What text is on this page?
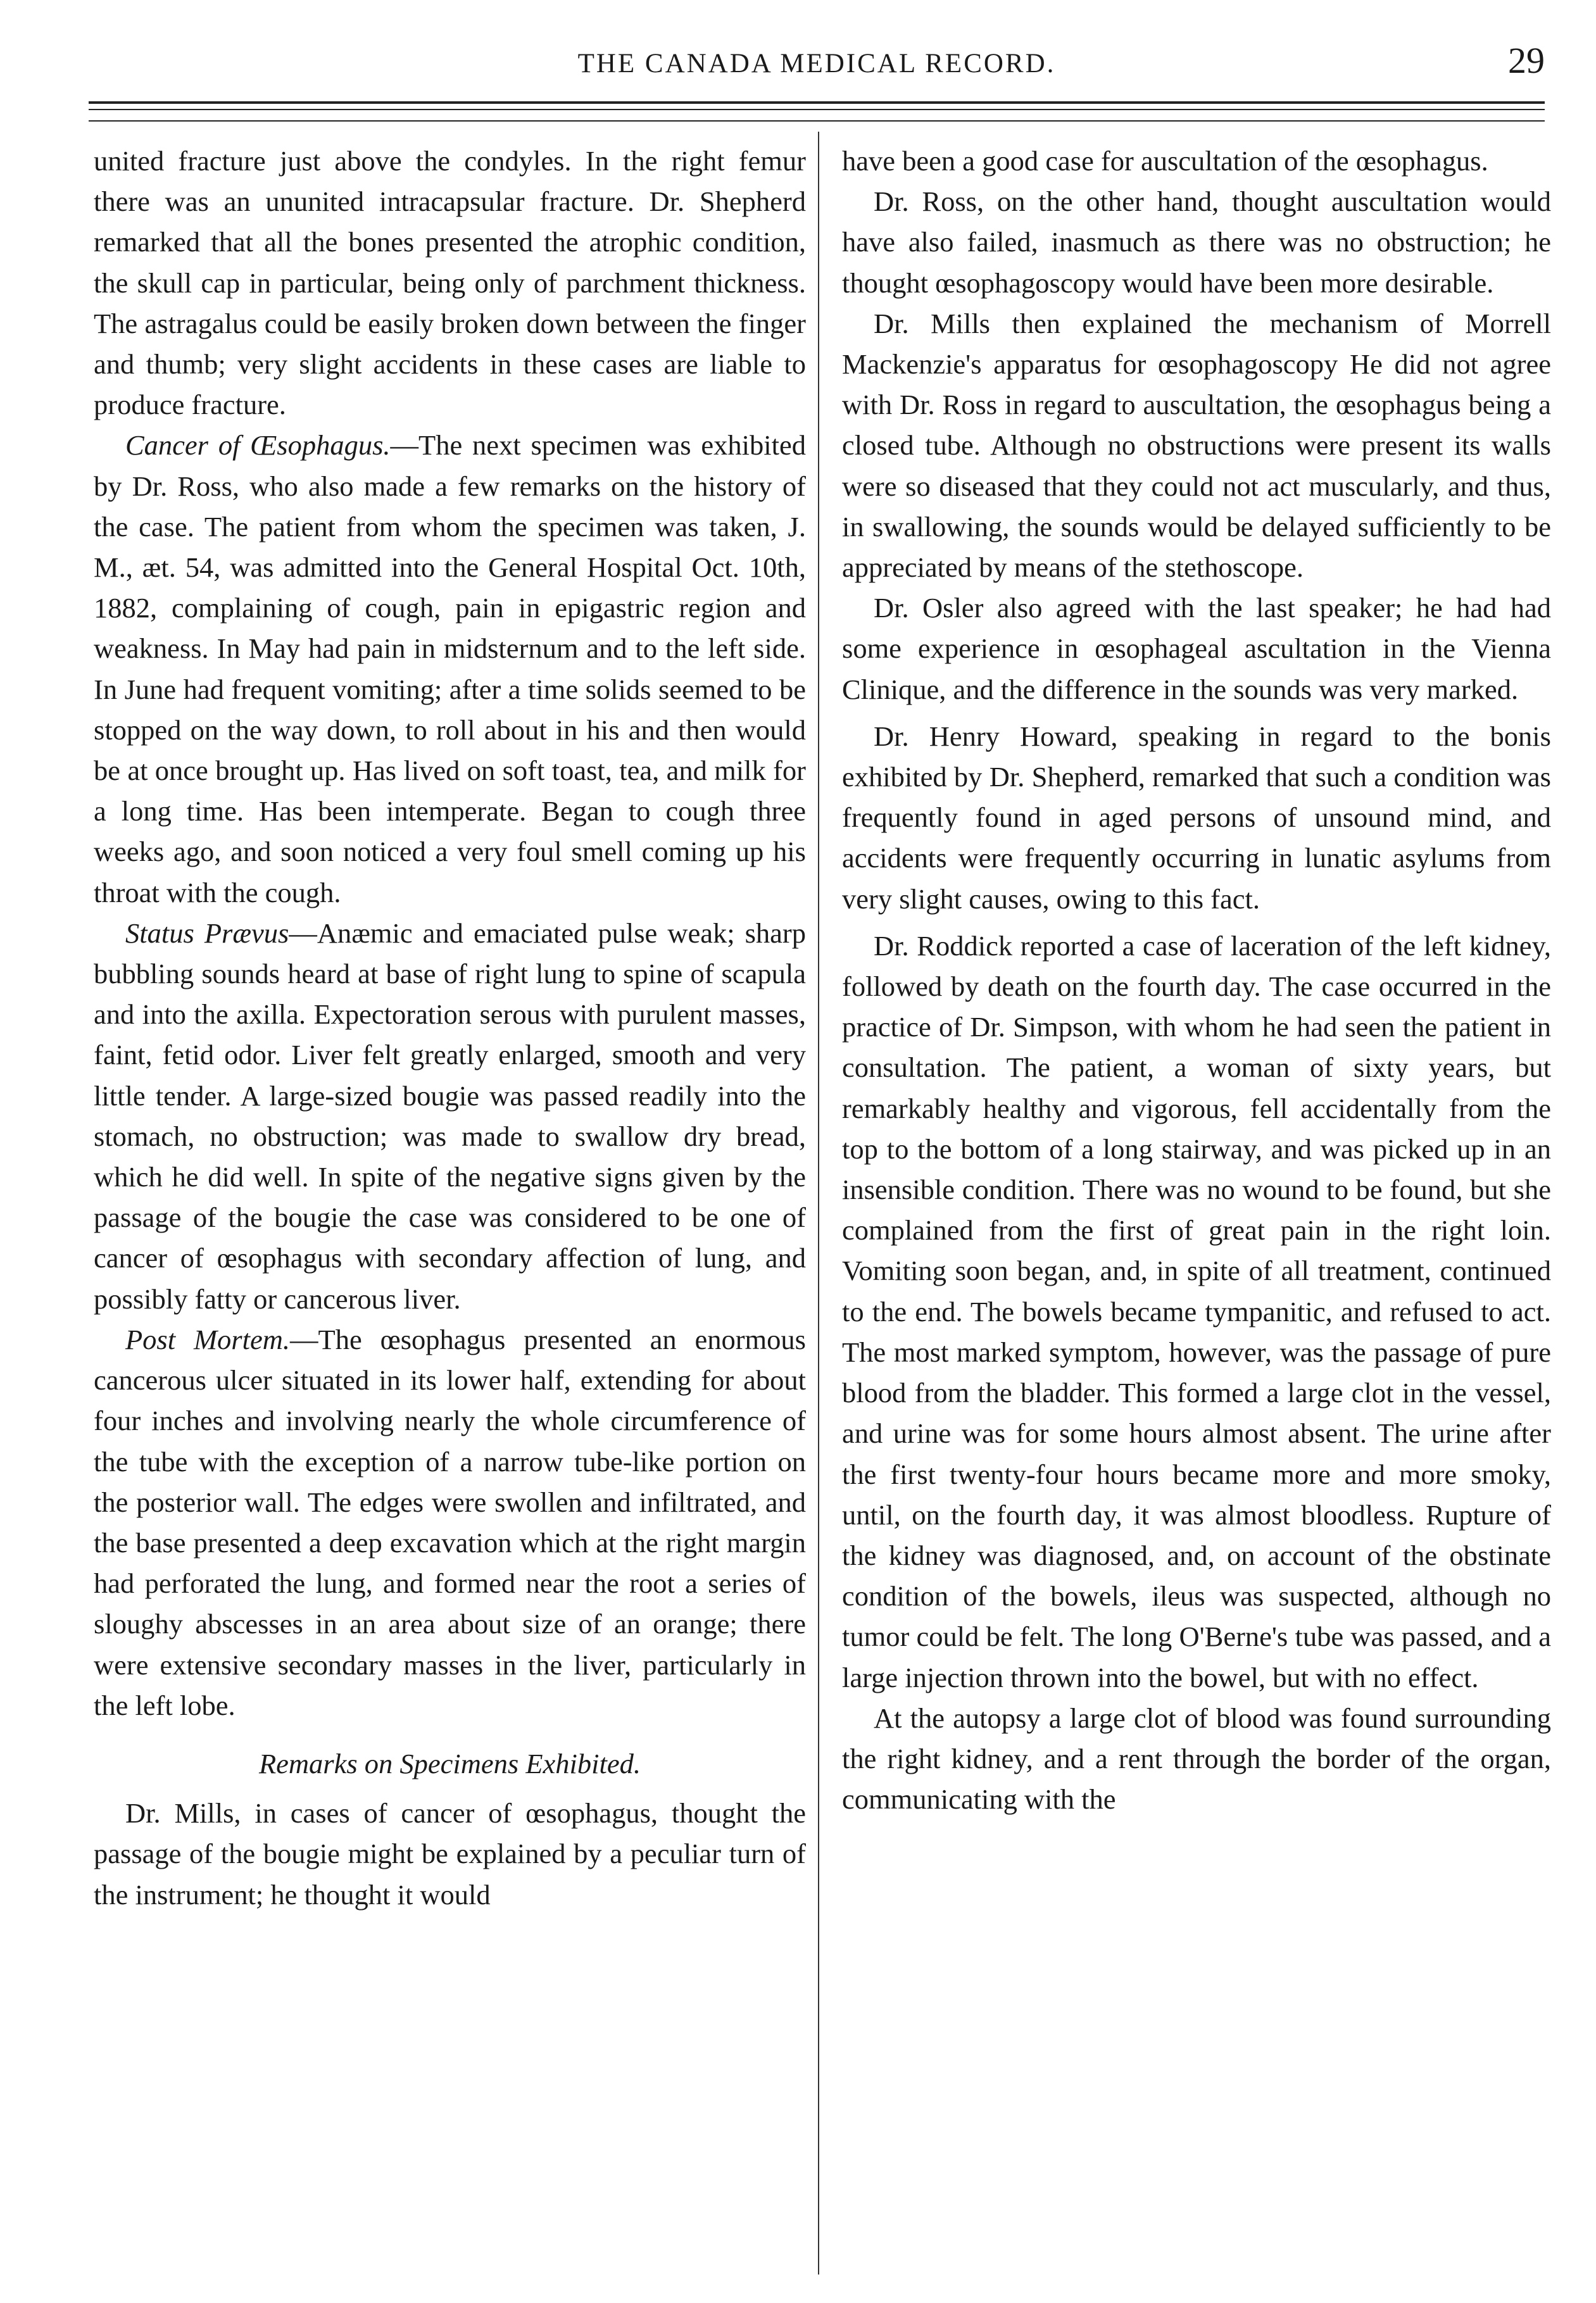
THE CANADA MEDICAL RECORD.	29

united fracture just above the condyles. In the right femur there was an ununited intracapsular fracture. Dr. Shepherd remarked that all the bones presented the atrophic condition, the skull cap in particular, being only of parchment thickness. The astragalus could be easily broken down between the finger and thumb; very slight accidents in these cases are liable to produce fracture.

Cancer of Œsophagus.—The next specimen was exhibited by Dr. Ross, who also made a few remarks on the history of the case. The patient from whom the specimen was taken, J. M., æt. 54, was admitted into the General Hospital Oct. 10th, 1882, complaining of cough, pain in epigastric region and weakness. In May had pain in midsternum and to the left side. In June had frequent vomiting; after a time solids seemed to be stopped on the way down, to roll about in his and then would be at once brought up. Has lived on soft toast, tea, and milk for a long time. Has been intemperate. Began to cough three weeks ago, and soon noticed a very foul smell coming up his throat with the cough.

Status Prævus—Anæmic and emaciated pulse weak; sharp bubbling sounds heard at base of right lung to spine of scapula and into the axilla. Expectoration serous with purulent masses, faint, fetid odor. Liver felt greatly enlarged, smooth and very little tender. A large-sized bougie was passed readily into the stomach, no obstruction; was made to swallow dry bread, which he did well. In spite of the negative signs given by the passage of the bougie the case was considered to be one of cancer of œsophagus with secondary affection of lung, and possibly fatty or cancerous liver.

Post Mortem.—The œsophagus presented an enormous cancerous ulcer situated in its lower half, extending for about four inches and involving nearly the whole circumference of the tube with the exception of a narrow tube-like portion on the posterior wall. The edges were swollen and infiltrated, and the base presented a deep excavation which at the right margin had perforated the lung, and formed near the root a series of sloughy abscesses in an area about size of an orange; there were extensive secondary masses in the liver, particularly in the left lobe.

Remarks on Specimens Exhibited.

Dr. Mills, in cases of cancer of œsophagus, thought the passage of the bougie might be explained by a peculiar turn of the instrument; he thought it would

have been a good case for auscultation of the œsophagus.

Dr. Ross, on the other hand, thought auscultation would have also failed, inasmuch as there was no obstruction; he thought œsophagoscopy would have been more desirable.

Dr. Mills then explained the mechanism of Morrell Mackenzie's apparatus for œsophagoscopy He did not agree with Dr. Ross in regard to auscultation, the œsophagus being a closed tube. Although no obstructions were present its walls were so diseased that they could not act muscularly, and thus, in swallowing, the sounds would be delayed sufficiently to be appreciated by means of the stethoscope.

Dr. Osler also agreed with the last speaker; he had had some experience in œsophageal ascultation in the Vienna Clinique, and the difference in the sounds was very marked.

Dr. Henry Howard, speaking in regard to the bonis exhibited by Dr. Shepherd, remarked that such a condition was frequently found in aged persons of unsound mind, and accidents were frequently occurring in lunatic asylums from very slight causes, owing to this fact.

Dr. Roddick reported a case of laceration of the left kidney, followed by death on the fourth day. The case occurred in the practice of Dr. Simpson, with whom he had seen the patient in consultation. The patient, a woman of sixty years, but remarkably healthy and vigorous, fell accidentally from the top to the bottom of a long stairway, and was picked up in an insensible condition. There was no wound to be found, but she complained from the first of great pain in the right loin. Vomiting soon began, and, in spite of all treatment, continued to the end. The bowels became tympanitic, and refused to act. The most marked symptom, however, was the passage of pure blood from the bladder. This formed a large clot in the vessel, and urine was for some hours almost absent. The urine after the first twenty-four hours became more and more smoky, until, on the fourth day, it was almost bloodless. Rupture of the kidney was diagnosed, and, on account of the obstinate condition of the bowels, ileus was suspected, although no tumor could be felt. The long O'Berne's tube was passed, and a large injection thrown into the bowel, but with no effect.

At the autopsy a large clot of blood was found surrounding the right kidney, and a rent through the border of the organ, communicating with the
